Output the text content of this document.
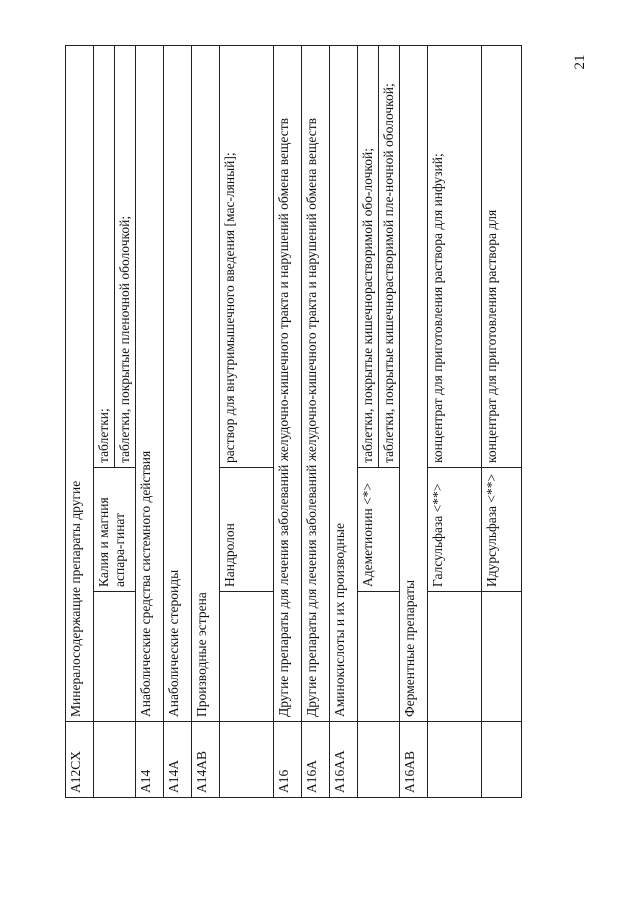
21
A12CX	Минералосодержащие препараты другие		
		Калия и магния аспара-гинат	таблетки;
			таблетки, покрытые пленочной оболочкой;
A14	Анаболические средства системного действия		
A14A	Анаболические стероиды		
A14AB	Производные эстрена		
		Нандролон	раствор для внутримышечного введения [мас-ляный];
A16	Другие препараты для лечения заболеваний желудочно-кишечного тракта и нарушений обмена веществ		
A16A	Другие препараты для лечения заболеваний желудочно-кишечного тракта и нарушений обмена веществ		
A16AA	Аминокислоты и их производные		
		Адеметионин <*>	таблетки, покрытые кишечнорастворимой обо-лочкой;
			таблетки, покрытые кишечнорастворимой пле-ночной оболочкой;
A16AB	Ферментные препараты		
		Галсульфаза <**>	концентрат для приготовления раствора для инфузий;
		Идурсульфаза <**>	концентрат для приготовления раствора для
